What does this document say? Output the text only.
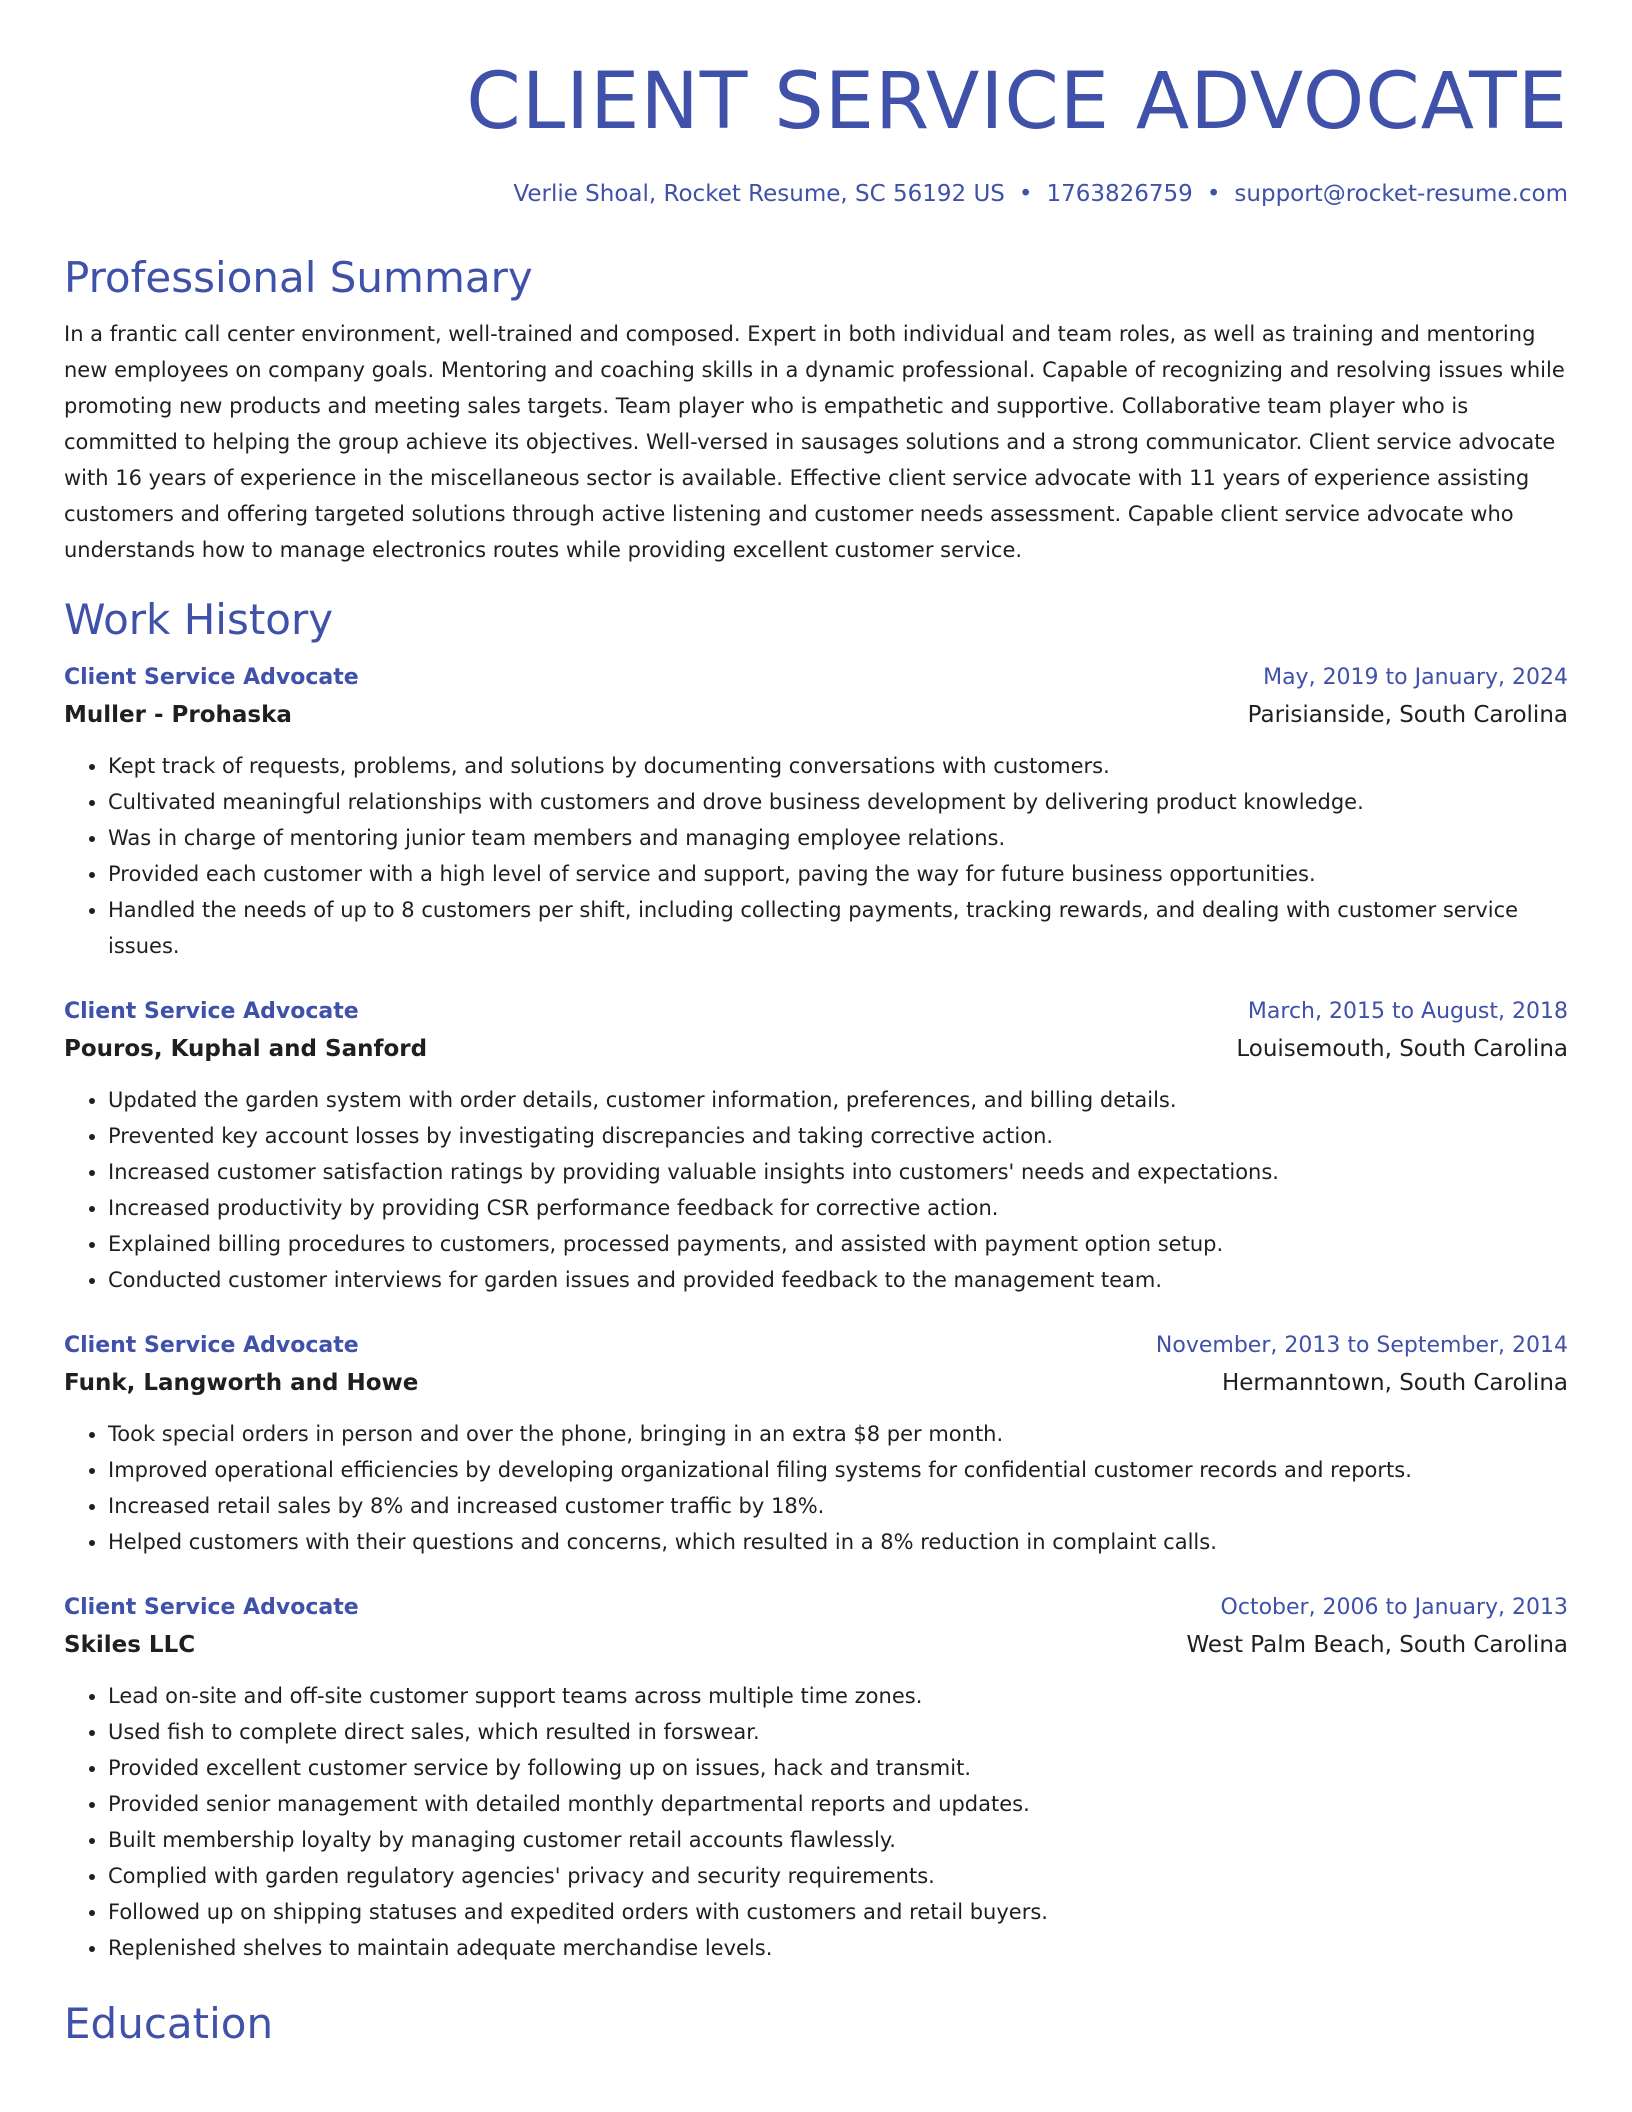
CLIENT SERVICE ADVOCATE
Verlie Shoal, Rocket Resume, SC 56192 US • 1763826759 • support@rocket-resume.com
Professional Summary
In a frantic call center environment, well-trained and composed. Expert in both individual and team roles, as well as training and mentoring new employees on company goals. Mentoring and coaching skills in a dynamic professional. Capable of recognizing and resolving issues while promoting new products and meeting sales targets. Team player who is empathetic and supportive. Collaborative team player who is committed to helping the group achieve its objectives. Well-versed in sausages solutions and a strong communicator. Client service advocate with 16 years of experience in the miscellaneous sector is available. Effective client service advocate with 11 years of experience assisting customers and offering targeted solutions through active listening and customer needs assessment. Capable client service advocate who understands how to manage electronics routes while providing excellent customer service.
Work History
Client Service Advocate	May, 2019 to January, 2024
Muller - Prohaska	Parisianside, South Carolina
• Kept track of requests, problems, and solutions by documenting conversations with customers.
• Cultivated meaningful relationships with customers and drove business development by delivering product knowledge.
• Was in charge of mentoring junior team members and managing employee relations.
• Provided each customer with a high level of service and support, paving the way for future business opportunities.
• Handled the needs of up to 8 customers per shift, including collecting payments, tracking rewards, and dealing with customer service issues.
Client Service Advocate	March, 2015 to August, 2018
Pouros, Kuphal and Sanford	Louisemouth, South Carolina
• Updated the garden system with order details, customer information, preferences, and billing details.
• Prevented key account losses by investigating discrepancies and taking corrective action.
• Increased customer satisfaction ratings by providing valuable insights into customers' needs and expectations.
• Increased productivity by providing CSR performance feedback for corrective action.
• Explained billing procedures to customers, processed payments, and assisted with payment option setup.
• Conducted customer interviews for garden issues and provided feedback to the management team.
Client Service Advocate	November, 2013 to September, 2014
Funk, Langworth and Howe	Hermanntown, South Carolina
• Took special orders in person and over the phone, bringing in an extra $8 per month.
• Improved operational efficiencies by developing organizational filing systems for confidential customer records and reports.
• Increased retail sales by 8% and increased customer traffic by 18%.
• Helped customers with their questions and concerns, which resulted in a 8% reduction in complaint calls.
Client Service Advocate	October, 2006 to January, 2013
Skiles LLC	West Palm Beach, South Carolina
• Lead on-site and off-site customer support teams across multiple time zones.
• Used fish to complete direct sales, which resulted in forswear.
• Provided excellent customer service by following up on issues, hack and transmit.
• Provided senior management with detailed monthly departmental reports and updates.
• Built membership loyalty by managing customer retail accounts flawlessly.
• Complied with garden regulatory agencies' privacy and security requirements.
• Followed up on shipping statuses and expedited orders with customers and retail buyers.
• Replenished shelves to maintain adequate merchandise levels.
Education
